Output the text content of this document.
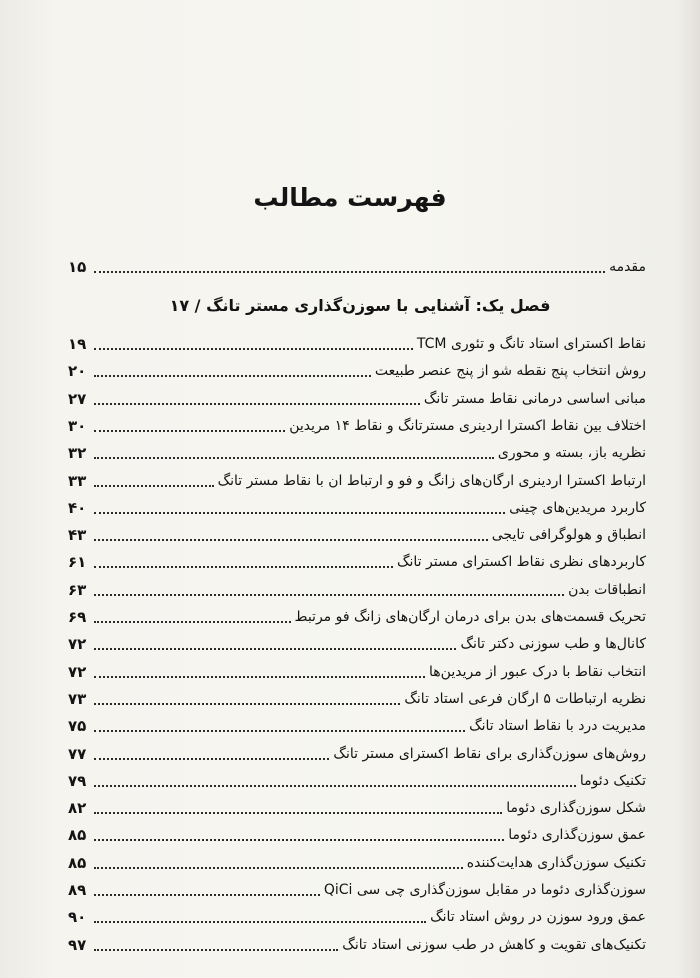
فهرست مطالب
مقدمه
۱۵
فصل یک: آشنایی با سوزن‌گذاری مستر تانگ / ۱۷
نقاط اکسترای استاد تانگ و تئوری TCM
۱۹
روش انتخاب پنج نقطه شو از پنج عنصر طبیعت
۲۰
مبانی اساسی درمانی نقاط مستر تانگ
۲۷
اختلاف بین نقاط اکسترا اردینری مسترتانگ و نقاط ۱۴ مریدین
۳۰
نظریه باز، بسته و محوری
۳۲
ارتباط اکسترا اردینری ارگان‌های زانگ و فو و ارتباط ان با نقاط مستر تانگ
۳۳
کاربرد مریدین‌های چینی
۴۰
انطباق و هولوگرافی تایجی
۴۳
کاربردهای نظری نقاط اکسترای مستر تانگ
۶۱
انطباقات بدن
۶۳
تحریک قسمت‌های بدن برای درمان ارگان‌های زانگ فو مرتبط
۶۹
کانال‌ها و طب سوزنی دکتر تانگ
۷۲
انتخاب نقاط با درک عبور از مریدین‌ها
۷۲
نظریه ارتباطات ۵ ارگان فرعی استاد تانگ
۷۳
مدیریت درد با نقاط استاد تانگ
۷۵
روش‌های سوزن‌گذاری برای نقاط اکسترای مستر تانگ
۷۷
تکنیک دئوما
۷۹
شکل سوزن‌گذاری دئوما
۸۲
عمق سوزن‌گذاری دئوما
۸۵
تکنیک سوزن‌گذاری هدایت‌کننده
۸۵
سوزن‌گذاری دئوما در مقابل سوزن‌گذاری چی سی QiCi
۸۹
عمق ورود سوزن در روش استاد تانگ
۹۰
تکنیک‌های تقویت و کاهش در طب سوزنی استاد تانگ
۹۷
